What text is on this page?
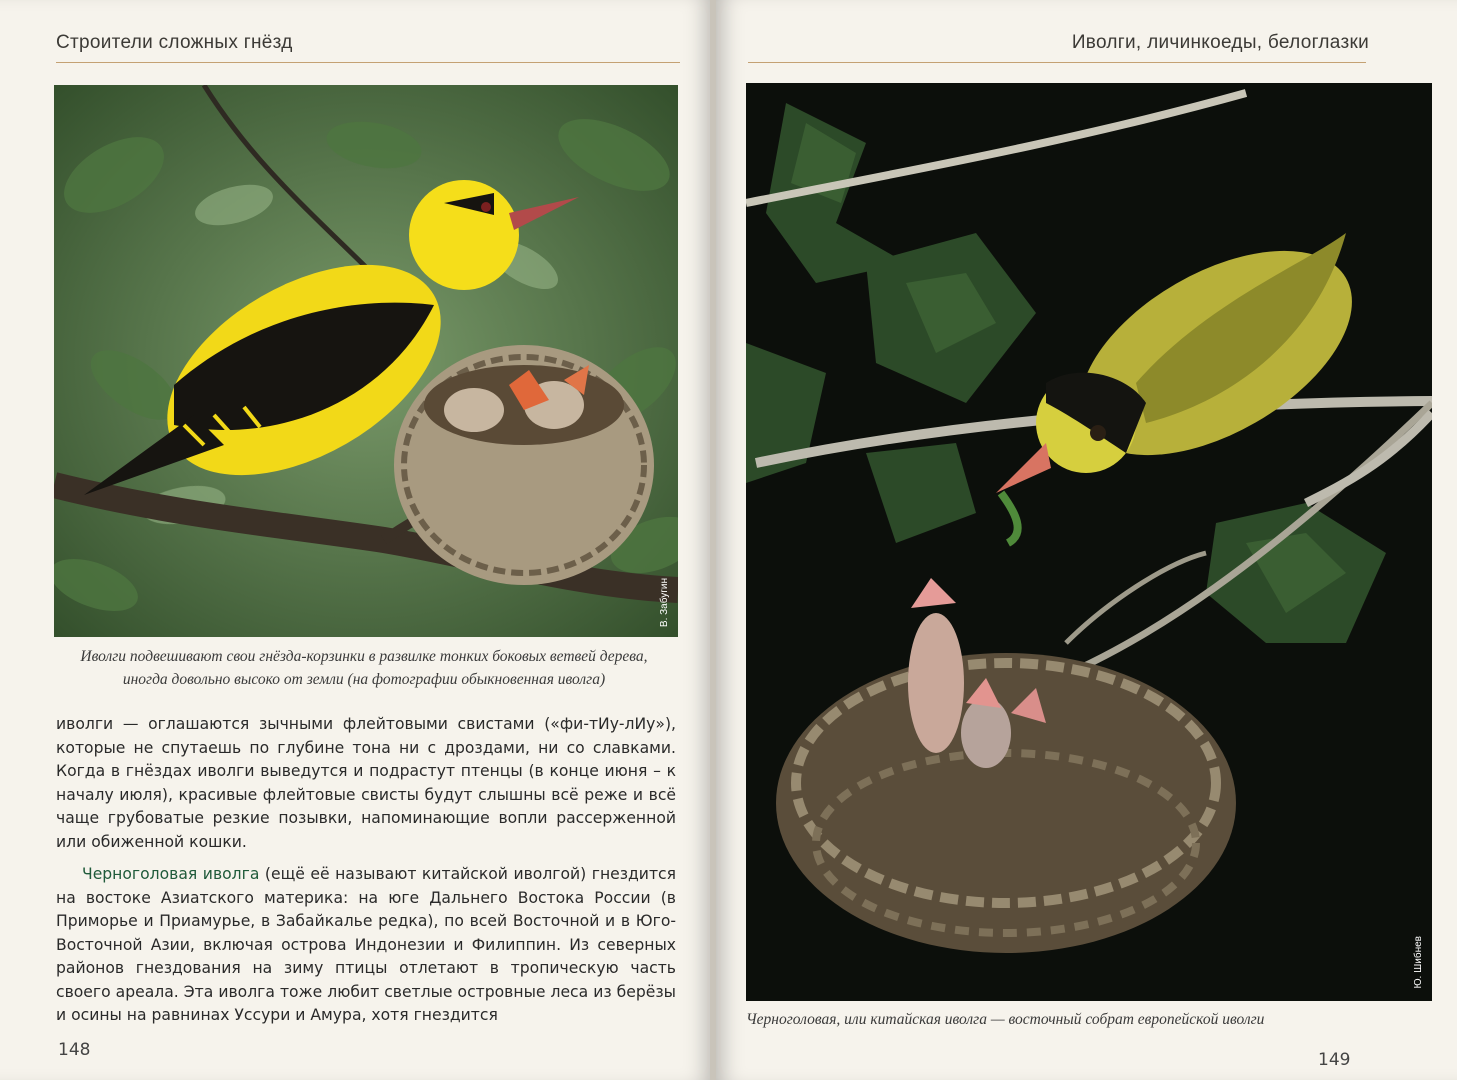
Строители сложных гнёзд
В. Забугин
Иволги подвешивают свои гнёзда-корзинки в развилке тонких боковых ветвей дерева,
иногда довольно высоко от земли (на фотографии обыкновенная иволга)

иволги — оглашаются зычными флейтовыми свистами («фи-тИу-лИу»), которые не спутаешь по глубине тона ни с дроздами, ни со славками. Когда в гнёздах иволги выведутся и подрастут птенцы (в конце июня – к началу июля), красивые флейтовые свисты будут слышны всё реже и всё чаще грубоватые резкие позывки, напоминающие вопли рассерженной или обиженной кошки.

Черноголовая иволга (ещё её называют китайской иволгой) гнездится на востоке Азиатского материка: на юге Дальнего Востока России (в Приморье и Приамурье, в Забайкалье редка), по всей Восточной и в Юго-Восточной Азии, включая острова Индонезии и Филиппин. Из северных районов гнездования на зиму птицы отлетают в тропическую часть своего ареала. Эта иволга тоже любит светлые островные леса из берёзы и осины на равнинах Уссури и Амура, хотя гнездится

148
Иволги, личинкоеды, белоглазки
Ю. Шибнев
Черноголовая, или китайская иволга — восточный собрат европейской иволги
149
